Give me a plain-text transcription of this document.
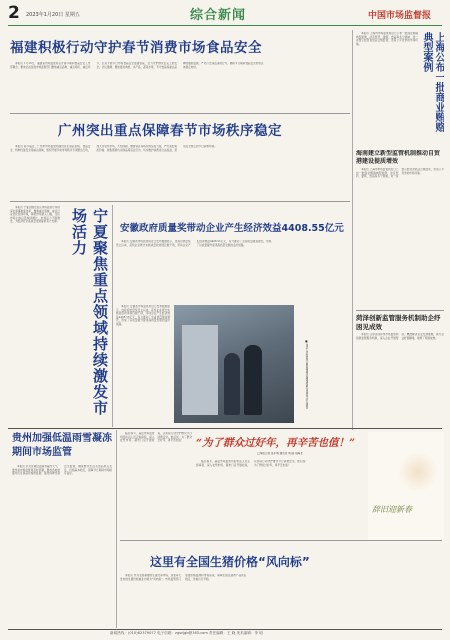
2 2023年1月20日 星期五	综合新闻	中国市场监督报
福建积极行动守护春节消费市场食品安全

本报讯 1月16日，福建省市场监管局召开春节期间食品安全工作部署会，要求全省各级市场监管部门聚焦重点品种、重点场所、重点环节，扎实开展节日市场食品安全监督检查，全力守护群众舌尖上的安全。会议强调，要加强对肉类、水产品、蔬菜水果、节令食品等重点品种的抽检监测，严厉打击违法违规行为，确保节日期间食品安全形势总体稳定向好。

广州突出重点保障春节市场秩序稳定

本报讯 春节临近，广州市市场监管局围绕民生商品价格、食品安全、特种设备安全等重点领域，组织开展节前市场秩序专项整治行动，加大对农贸市场、大型商超、旅游景区等场所的巡查力度，严厉查处哄抬价格、销售假冒伪劣商品等违法行为，切实维护消费者合法权益，营造安全放心的节日消费环境。

本报讯 宁夏回族自治区市场监管厅持续深化商事制度改革，聚焦重点领域、重点行业优化营商环境，降低市场准入门槛，全区市场主体总量持续增长，市场活力不断激发，为经济社会高质量发展提供有力支撑。	宁夏聚焦重点领域持续激发市场活力	安徽政府质量奖带动企业产生经济效益4408.55亿元

本报讯 安徽省市场监管局近日发布数据显示，自政府质量奖设立以来，获奖企业累计实施质量改进项目数千项，带动企业产生经济效益4408.55亿元，有力推动了全省质量强省建设，形成了以质量提升促进高质量发展的良好氛围。

■ 执法人员在春节前检查商场电梯等特种设备安全运行情况

本报讯 安徽省市场监管局近日发布数据显示，自政府质量奖设立以来，获奖企业累计实施质量改进项目数千项，带动企业产生经济效益4408.55亿元，有力推动了全省质量强省建设，形成了以质量提升促进高质量发展的良好氛围。

上海公布一批商业贿赂典型案例

本报讯 上海市市场监管局近日公布一批商业贿赂典型案例，涉及医药、建筑、食品等多个领域，进一步警示经营者依法合规经营，营造公平竞争的市场环境。

海南建立新型监管机制推动自贸港建设提质增效

本报讯 上海市市场监管局近日公布一批商业贿赂典型案例，涉及医药、建筑、食品等多个领域，进一步警示经营者依法合规经营，营造公平竞争的市场环境。

菏泽创新监管服务机制助企纾困见成效

本报讯 山东省菏泽市市场监管局创新监管服务机制，深入企业开展帮扶，精准解决企业发展难题，助力企业纾困解难，取得了明显成效。

贵州加强低温雨雪凝冻期间市场监管

本报讯 针对近期低温雨雪凝冻天气，贵州省市场监管局及时部署，要求各地加强对民生商品价格的监测，强化特种设备安全监察，确保群众生活必需品供应充足、价格基本稳定，保障节日期间市场秩序良好。

临近春节，基层市场监管所的执法人员走街串巷，深入农贸市场、超市门店开展检查，以实际行动守护群众节日消费安全。他们说：为了群众过好年，再辛苦也值！	“为了群众过好年，再辛苦也值！”
□本报记者 张小明 通讯员 刘 丽 何海龙

临近春节，基层市场监管所的执法人员走街串巷，深入农贸市场、超市门店开展检查，以实际行动守护群众节日消费安全。他们说：为了群众过好年，再辛苦也值！

辞旧迎新春
这里有全国生猪价格“风向标”

本报讯 作为全国重要的生猪交易市场，这里每天发布的生猪价格被业内视为“风向标”。市场监管部门加强价格监测和市场巡查，保障生猪及猪肉产品供应稳定，价格运行平稳。

新闻热线：(010)62379077 电子信箱：zgscjgb@163.com 责任编辑：王 晓 美术编辑：李 明
